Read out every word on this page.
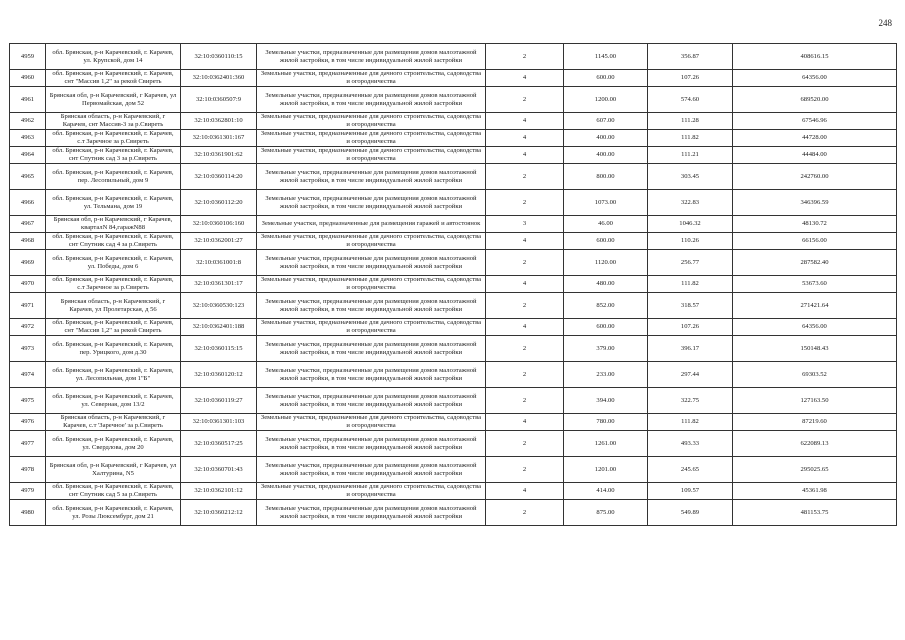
248
4959	обл. Брянская, р-н Карачевский, г. Карачев, ул. Крупской, дом 14	32:10:0360110:15	Земельные участки, предназначенные для размещения домов малоэтажной жилой застройки, в том числе индивидуальной жилой застройки	2	1145.00	356.87	408616.15
4960	обл. Брянская, р-н Карачевский, г. Карачев, снт "Массив 1,2" за рекой Свиреть	32:10:0362401:360	Земельные участки, предназначенные для дачного строительства, садоводства и огородничества	4	600.00	107.26	64356.00
4961	Брянская обл, р-н Карачевский, г Карачев, ул Первомайская, дом 52	32:10:0360507:9	Земельные участки, предназначенные для размещения домов малоэтажной жилой застройки, в том числе индивидуальной жилой застройки	2	1200.00	574.60	689520.00
4962	Брянская область, р-н Карачевский, г Карачев, снт Массив-3 за р.Свиреть	32:10:0362801:10	Земельные участки, предназначенные для дачного строительства, садоводства и огородничества	4	607.00	111.28	67546.96
4963	обл. Брянская, р-н Карачевский, г. Карачев, с.т Заречное за р.Свиреть	32:10:0361301:167	Земельные участки, предназначенные для дачного строительства, садоводства и огородничества	4	400.00	111.82	44728.00
4964	обл. Брянская, р-н Карачевский, г. Карачев, снт Спутник сад 3 за р.Свиреть	32:10:0361901:62	Земельные участки, предназначенные для дачного строительства, садоводства и огородничества	4	400.00	111.21	44484.00
4965	обл. Брянская, р-н Карачевский, г. Карачев, пер. Лесопильный, дом 9	32:10:0360114:20	Земельные участки, предназначенные для размещения домов малоэтажной жилой застройки, в том числе индивидуальной жилой застройки	2	800.00	303.45	242760.00
4966	обл. Брянская, р-н Карачевский, г. Карачев, ул. Тельмана, дом 19	32:10:0360112:20	Земельные участки, предназначенные для размещения домов малоэтажной жилой застройки, в том числе индивидуальной жилой застройки	2	1073.00	322.83	346396.59
4967	Брянская обл, р-н Карачевский, г Карачев, кварталN 84,гаражN88	32:10:0360106:160	Земельные участки, предназначенные для размещения гаражей и автостоянок	3	46.00	1046.32	48130.72
4968	обл. Брянская, р-н Карачевский, г. Карачев, снт Спутник сад 4 за р.Свиреть	32:10:0362001:27	Земельные участки, предназначенные для дачного строительства, садоводства и огородничества	4	600.00	110.26	66156.00
4969	обл. Брянская, р-н Карачевский, г. Карачев, ул. Победы, дом 6	32:10:0361001:8	Земельные участки, предназначенные для размещения домов малоэтажной жилой застройки, в том числе индивидуальной жилой застройки	2	1120.00	256.77	287582.40
4970	обл. Брянская, р-н Карачевский, г. Карачев, с.т Заречное за р.Свиреть	32:10:0361301:17	Земельные участки, предназначенные для дачного строительства, садоводства и огородничества	4	480.00	111.82	53673.60
4971	Брянская область, р-н Карачевский, г Карачев, ул Пролетарская, д 56	32:10:0360530:123	Земельные участки, предназначенные для размещения домов малоэтажной жилой застройки, в том числе индивидуальной жилой застройки	2	852.00	318.57	271421.64
4972	обл. Брянская, р-н Карачевский, г. Карачев, снт "Массив 1,2" за рекой Свиреть	32:10:0362401:188	Земельные участки, предназначенные для дачного строительства, садоводства и огородничества	4	600.00	107.26	64356.00
4973	обл. Брянская, р-н Карачевский, г. Карачев, пер. Урицкого, дом д.30	32:10:0360115:15	Земельные участки, предназначенные для размещения домов малоэтажной жилой застройки, в том числе индивидуальной жилой застройки	2	379.00	396.17	150148.43
4974	обл. Брянская, р-н Карачевский, г. Карачев, ул. Лесопильная, дом 1"Б"	32:10:0360120:12	Земельные участки, предназначенные для размещения домов малоэтажной жилой застройки, в том числе индивидуальной жилой застройки	2	233.00	297.44	69303.52
4975	обл. Брянская, р-н Карачевский, г. Карачев, ул. Северная, дом 13/2	32:10:0360119:27	Земельные участки, предназначенные для размещения домов малоэтажной жилой застройки, в том числе индивидуальной жилой застройки	2	394.00	322.75	127163.50
4976	Брянская область, р-н Карачевский, г Карачев, с.т 'Заречное' за р.Свиреть	32:10:0361301:103	Земельные участки, предназначенные для дачного строительства, садоводства и огородничества	4	780.00	111.82	87219.60
4977	обл. Брянская, р-н Карачевский, г. Карачев, ул. Свердлова, дом 20	32:10:0360517:25	Земельные участки, предназначенные для размещения домов малоэтажной жилой застройки, в том числе индивидуальной жилой застройки	2	1261.00	493.33	622089.13
4978	Брянская обл, р-н Карачевский, г Карачев, ул Халтурина, N5	32:10:0360701:43	Земельные участки, предназначенные для размещения домов малоэтажной жилой застройки, в том числе индивидуальной жилой застройки	2	1201.00	245.65	295025.65
4979	обл. Брянская, р-н Карачевский, г. Карачев, снт Спутник сад 5 за р.Свиреть	32:10:0362101:12	Земельные участки, предназначенные для дачного строительства, садоводства и огородничества	4	414.00	109.57	45361.98
4980	обл. Брянская, р-н Карачевский, г. Карачев, ул. Розы Люксембург, дом 21	32:10:0360212:12	Земельные участки, предназначенные для размещения домов малоэтажной жилой застройки, в том числе индивидуальной жилой застройки	2	875.00	549.89	481153.75
